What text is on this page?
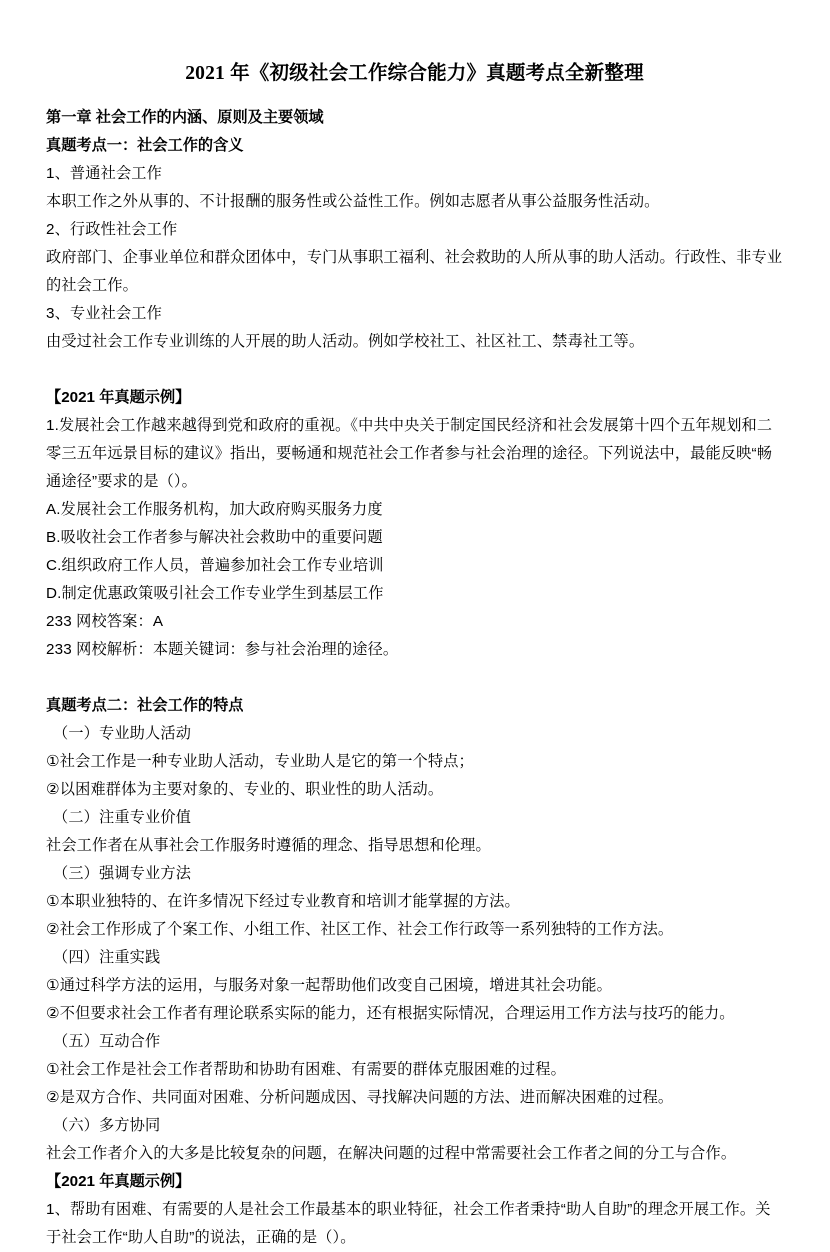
2021 年《初级社会工作综合能力》真题考点全新整理

第一章 社会工作的内涵、原则及主要领域

真题考点一：社会工作的含义

1、普通社会工作

本职工作之外从事的、不计报酬的服务性或公益性工作。例如志愿者从事公益服务性活动。

2、行政性社会工作

政府部门、企事业单位和群众团体中，专门从事职工福利、社会救助的人所从事的助人活动。行政性、非专业的社会工作。

3、专业社会工作

由受过社会工作专业训练的人开展的助人活动。例如学校社工、社区社工、禁毒社工等。

【2021 年真题示例】

1.发展社会工作越来越得到党和政府的重视。《中共中央关于制定国民经济和社会发展第十四个五年规划和二零三五年远景目标的建议》指出，要畅通和规范社会工作者参与社会治理的途径。下列说法中，最能反映“畅通途径”要求的是（）。

A.发展社会工作服务机构，加大政府购买服务力度

B.吸收社会工作者参与解决社会救助中的重要问题

C.组织政府工作人员，普遍参加社会工作专业培训

D.制定优惠政策吸引社会工作专业学生到基层工作

233 网校答案：A

233 网校解析：本题关键词：参与社会治理的途径。

真题考点二：社会工作的特点

（一）专业助人活动

①社会工作是一种专业助人活动，专业助人是它的第一个特点；

②以困难群体为主要对象的、专业的、职业性的助人活动。

（二）注重专业价值

社会工作者在从事社会工作服务时遵循的理念、指导思想和伦理。

（三）强调专业方法

①本职业独特的、在许多情况下经过专业教育和培训才能掌握的方法。

②社会工作形成了个案工作、小组工作、社区工作、社会工作行政等一系列独特的工作方法。

（四）注重实践

①通过科学方法的运用，与服务对象一起帮助他们改变自己困境，增进其社会功能。

②不但要求社会工作者有理论联系实际的能力，还有根据实际情况，合理运用工作方法与技巧的能力。

（五）互动合作

①社会工作是社会工作者帮助和协助有困难、有需要的群体克服困难的过程。

②是双方合作、共同面对困难、分析问题成因、寻找解决问题的方法、进而解决困难的过程。

（六）多方协同

社会工作者介入的大多是比较复杂的问题，在解决问题的过程中常需要社会工作者之间的分工与合作。

【2021 年真题示例】

1、帮助有困难、有需要的人是社会工作最基本的职业特征，社会工作者秉持“助人自助”的理念开展工作。关于社会工作“助人自助”的说法，正确的是（）。
